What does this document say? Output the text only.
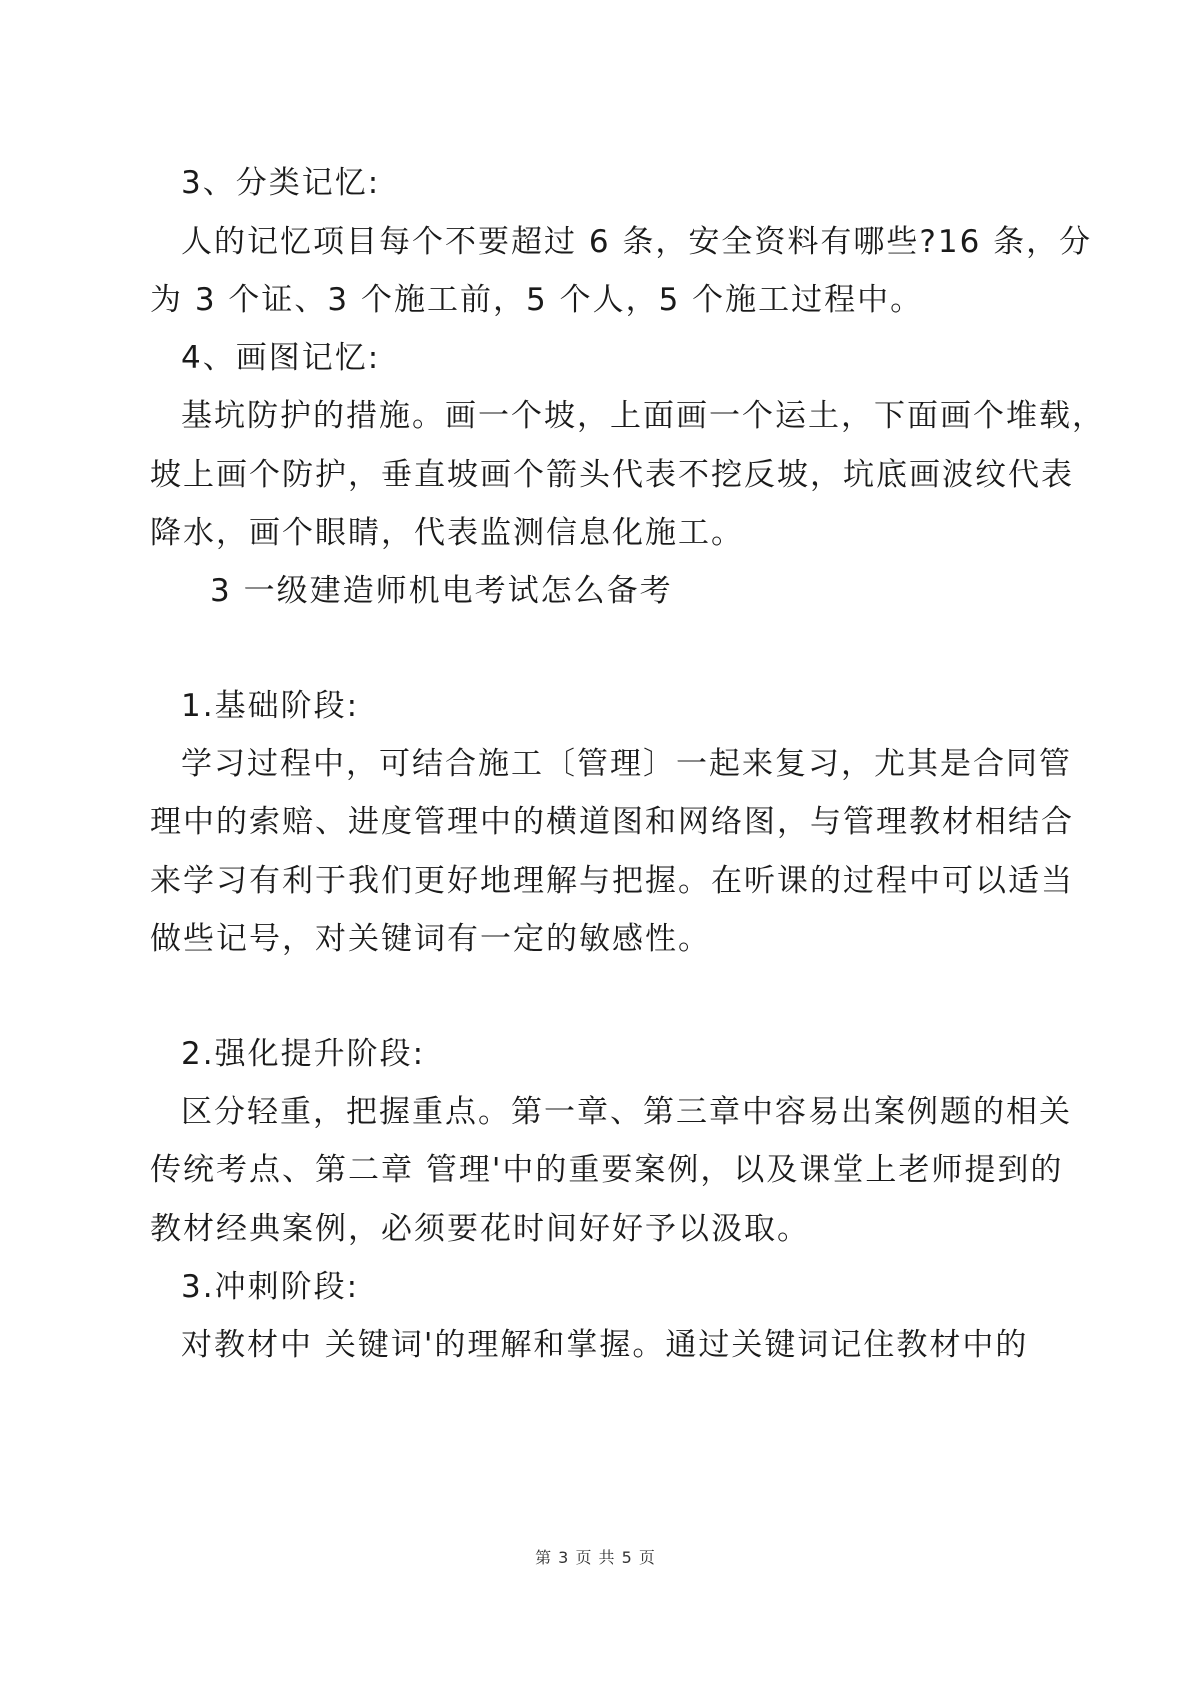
3、分类记忆:
人的记忆项目每个不要超过 6 条，安全资料有哪些?16 条，分
为 3 个证、3 个施工前，5 个人，5 个施工过程中。
4、画图记忆:
基坑防护的措施。画一个坡，上面画一个运土，下面画个堆载，
坡上画个防护，垂直坡画个箭头代表不挖反坡，坑底画波纹代表
降水，画个眼睛，代表监测信息化施工。
3 一级建造师机电考试怎么备考
1.基础阶段:
学习过程中，可结合施工〔管理〕一起来复习，尤其是合同管
理中的索赔、进度管理中的横道图和网络图，与管理教材相结合
来学习有利于我们更好地理解与把握。在听课的过程中可以适当
做些记号，对关键词有一定的敏感性。
2.强化提升阶段:
区分轻重，把握重点。第一章、第三章中容易出案例题的相关
传统考点、第二章 管理'中的重要案例，以及课堂上老师提到的
教材经典案例，必须要花时间好好予以汲取。
3.冲刺阶段:
对教材中 关键词'的理解和掌握。通过关键词记住教材中的
第 3 页 共 5 页
